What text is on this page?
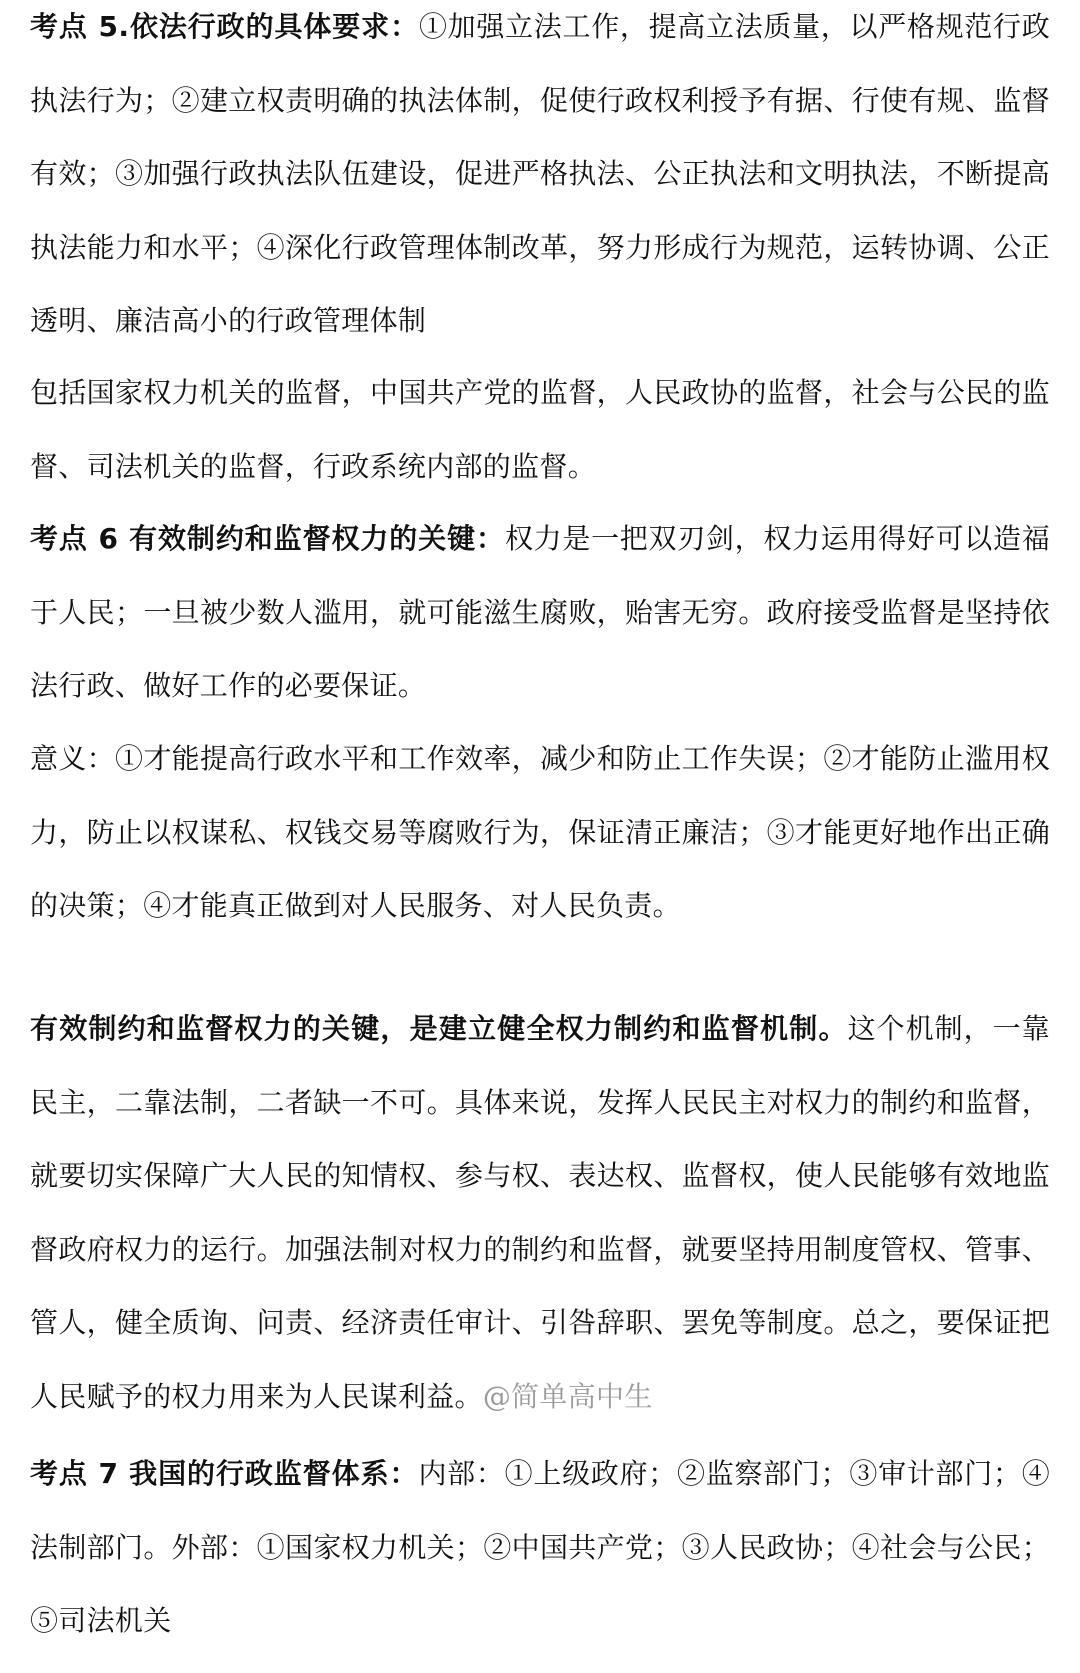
考点 5.依法行政的具体要求：①加强立法工作，提高立法质量，以严格规范行政执法行为；②建立权责明确的执法体制，促使行政权利授予有据、行使有规、监督有效；③加强行政执法队伍建设，促进严格执法、公正执法和文明执法，不断提高执法能力和水平；④深化行政管理体制改革，努力形成行为规范，运转协调、公正透明、廉洁高小的行政管理体制

包括国家权力机关的监督，中国共产党的监督，人民政协的监督，社会与公民的监督、司法机关的监督，行政系统内部的监督。

考点 6 有效制约和监督权力的关键：权力是一把双刃剑，权力运用得好可以造福于人民；一旦被少数人滥用，就可能滋生腐败，贻害无穷。政府接受监督是坚持依法行政、做好工作的必要保证。

意义：①才能提高行政水平和工作效率，减少和防止工作失误；②才能防止滥用权力，防止以权谋私、权钱交易等腐败行为，保证清正廉洁；③才能更好地作出正确的决策；④才能真正做到对人民服务、对人民负责。

有效制约和监督权力的关键，是建立健全权力制约和监督机制。这个机制，一靠民主，二靠法制，二者缺一不可。具体来说，发挥人民民主对权力的制约和监督，就要切实保障广大人民的知情权、参与权、表达权、监督权，使人民能够有效地监督政府权力的运行。加强法制对权力的制约和监督，就要坚持用制度管权、管事、管人，健全质询、问责、经济责任审计、引咎辞职、罢免等制度。总之，要保证把人民赋予的权力用来为人民谋利益。@简单高中生

考点 7 我国的行政监督体系：内部：①上级政府；②监察部门；③审计部门；④法制部门。外部：①国家权力机关；②中国共产党；③人民政协；④社会与公民；⑤司法机关
